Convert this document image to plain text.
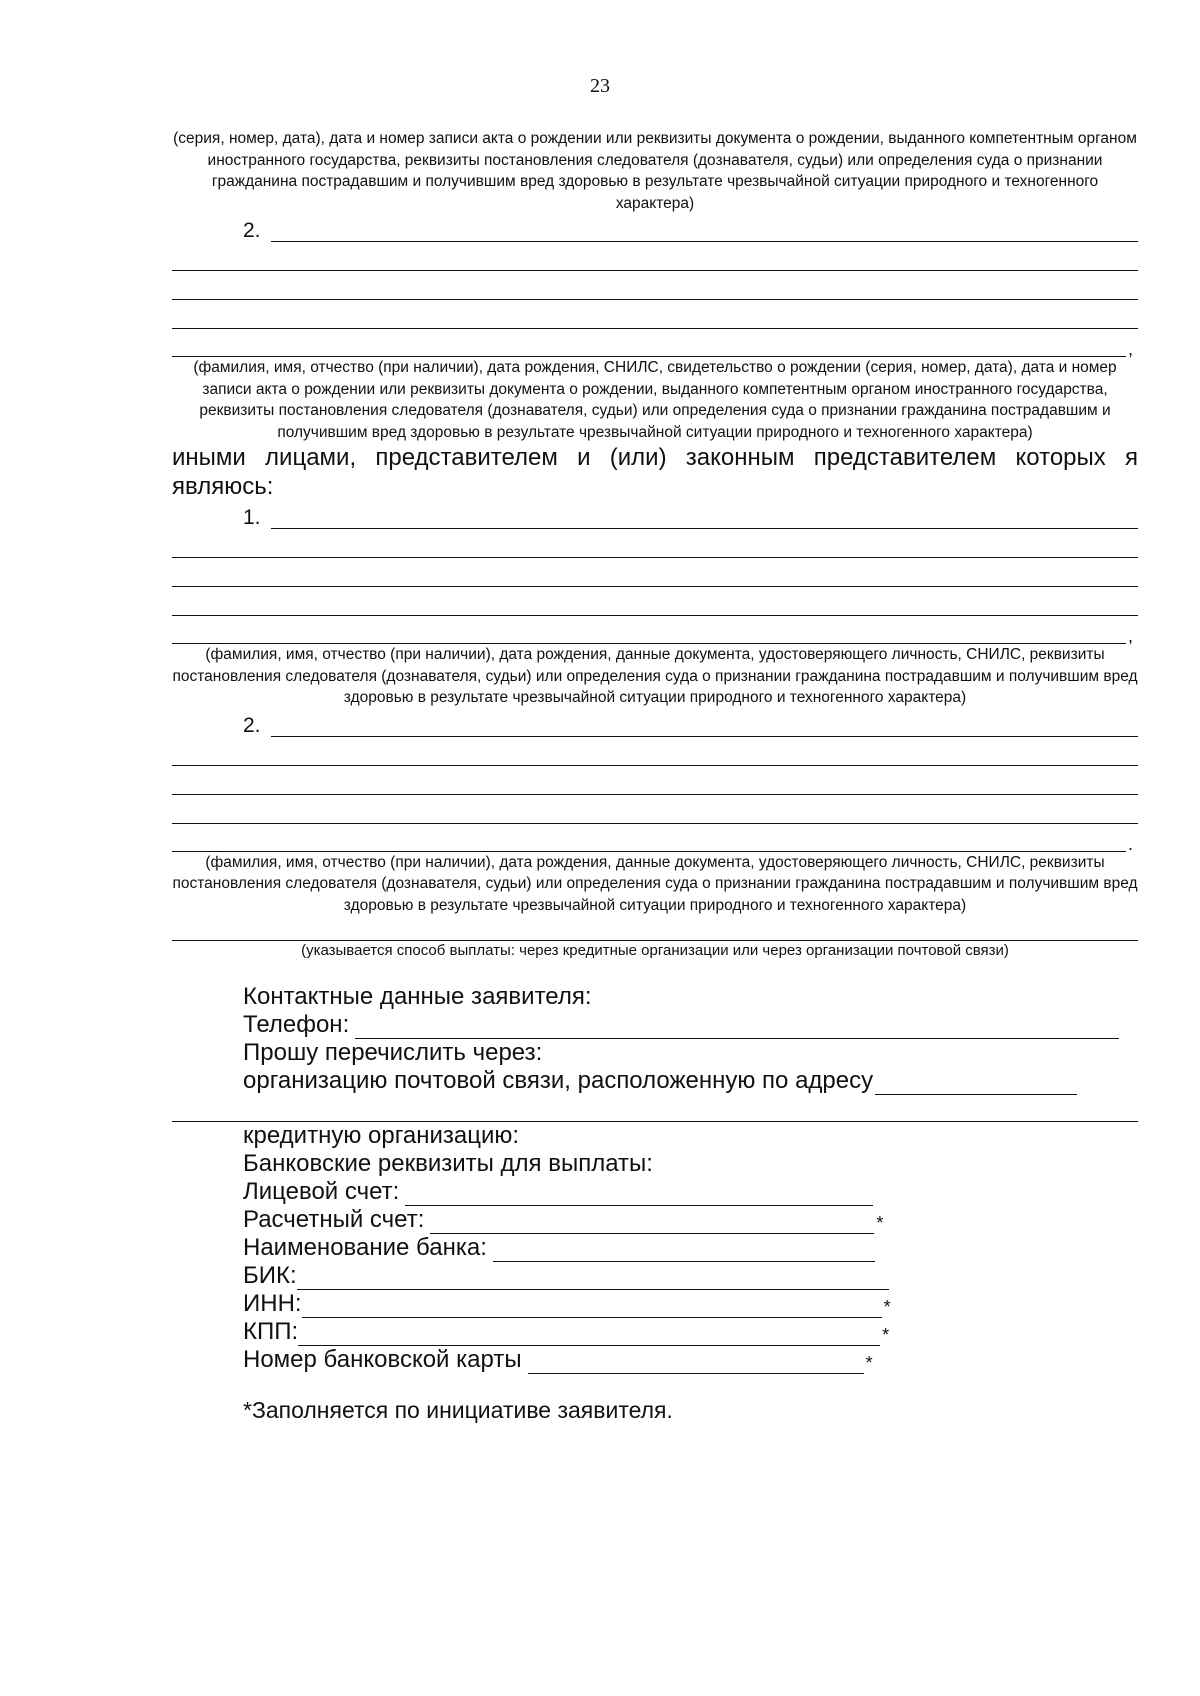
23
(серия, номер, дата), дата и номер записи акта о рождении или реквизиты документа о рождении, выданного компетентным органом иностранного государства, реквизиты постановления следователя (дознавателя, судьи) или определения суда о признании гражданина пострадавшим и получившим вред здоровью в результате чрезвычайной ситуации природного и техногенного характера)
2.
,
(фамилия, имя, отчество (при наличии), дата рождения, СНИЛС, свидетельство о рождении (серия, номер, дата), дата и номер записи акта о рождении или реквизиты документа о рождении, выданного компетентным органом иностранного государства, реквизиты постановления следователя (дознавателя, судьи) или определения суда о признании гражданина пострадавшим и получившим вред здоровью в результате чрезвычайной ситуации природного и техногенного характера)
иными лицами, представителем и (или) законным представителем которых я
являюсь:
1.
,
(фамилия, имя, отчество (при наличии), дата рождения, данные документа, удостоверяющего личность, СНИЛС, реквизиты постановления следователя (дознавателя, судьи) или определения суда о признании гражданина пострадавшим и получившим вред здоровью в результате чрезвычайной ситуации природного и техногенного характера)
2.
.
(фамилия, имя, отчество (при наличии), дата рождения, данные документа, удостоверяющего личность, СНИЛС, реквизиты постановления следователя (дознавателя, судьи) или определения суда о признании гражданина пострадавшим и получившим вред здоровью в результате чрезвычайной ситуации природного и техногенного характера)
(указывается способ выплаты: через кредитные организации или через организации почтовой связи)
Контактные данные заявителя:
Телефон:
Прошу перечислить через:
организацию почтовой связи, расположенную по адресу
кредитную организацию:
Банковские реквизиты для выплаты:
Лицевой счет:
Расчетный счет:	*
Наименование банка:
БИК:
ИНН:	*
КПП:	*
Номер банковской карты	*
*Заполняется по инициативе заявителя.
